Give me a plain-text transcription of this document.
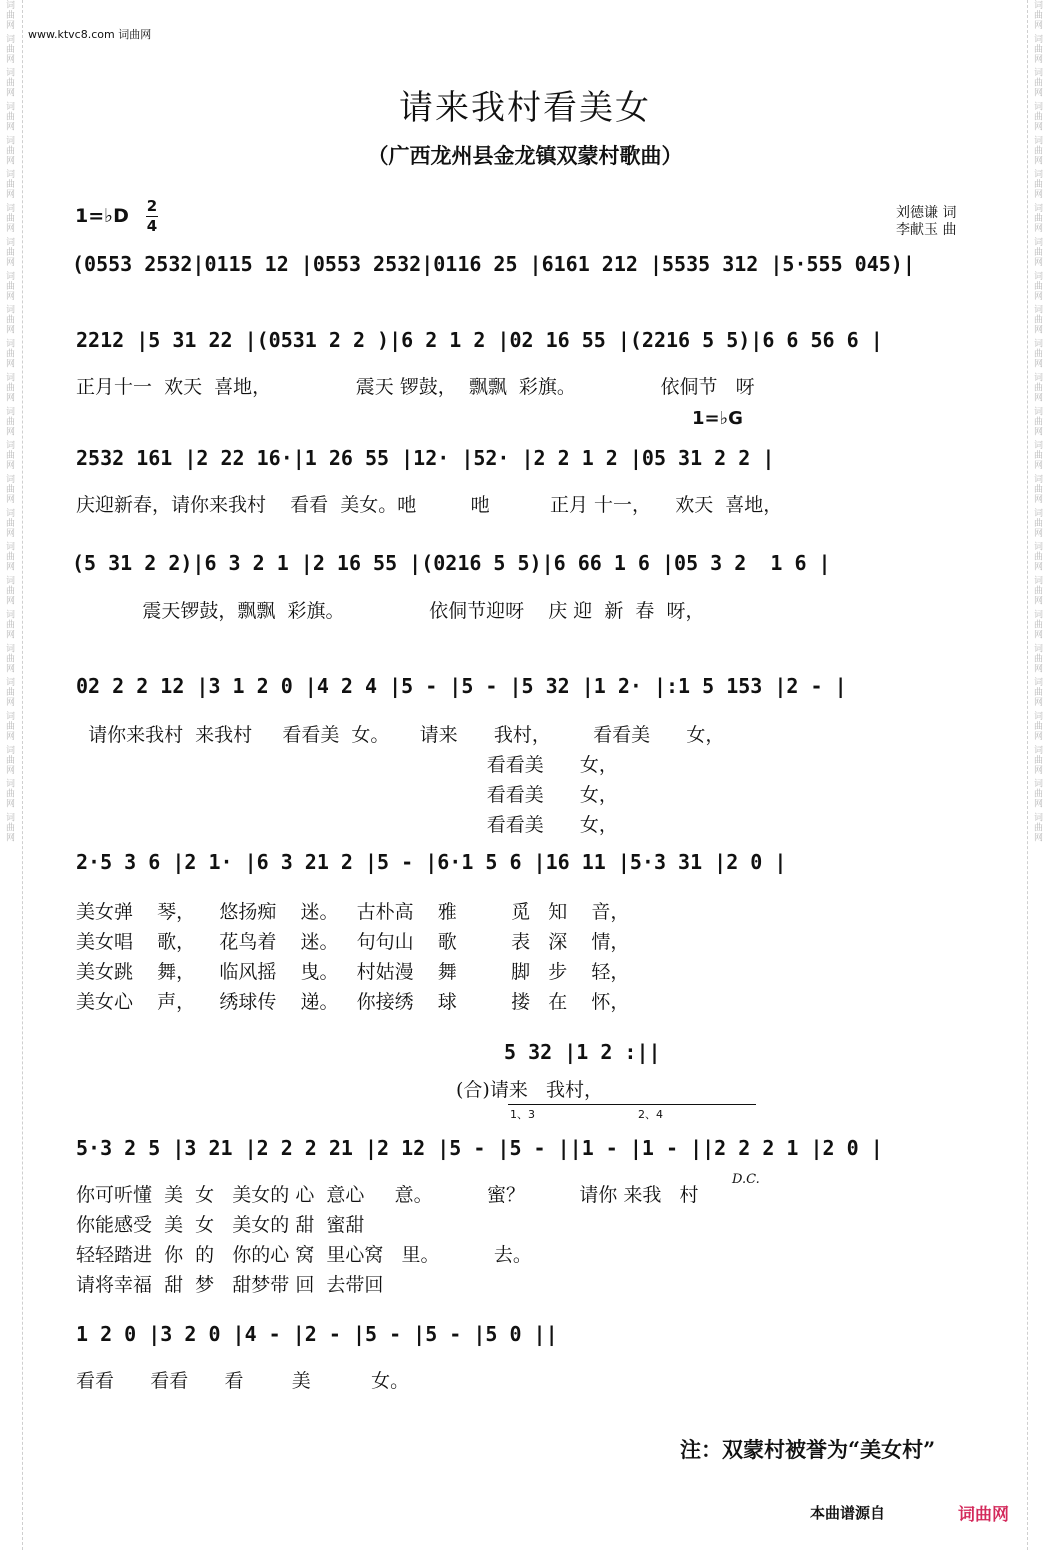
词曲网 词曲网 词曲网 词曲网 词曲网 词曲网 词曲网 词曲网 词曲网 词曲网 词曲网 词曲网 词曲网 词曲网 词曲网 词曲网 词曲网 词曲网 词曲网 词曲网 词曲网 词曲网 词曲网 词曲网 词曲网	词曲网 词曲网 词曲网 词曲网 词曲网 词曲网 词曲网 词曲网 词曲网 词曲网 词曲网 词曲网 词曲网 词曲网 词曲网 词曲网 词曲网 词曲网 词曲网 词曲网 词曲网 词曲网 词曲网 词曲网 词曲网
www.ktvc8.com 词曲网
请来我村看美女
（广西龙州县金龙镇双蒙村歌曲）
1=♭D 2
4
刘德谦 词
李献玉 曲
(0553 2532|0115 12 |0553 2532|0116 25 |6161 212 |5535 312 |5·555 045)|
2212 |5 31 22 |(0531 2 2 )|6 2 1 2 |02 16 55 |(2216 5 5)|6 6 56 6 |
正月十一  欢天  喜地，              震天 锣鼓，  飘飘  彩旗。              依侗节   呀
1=♭G
2532 161 |2 22 16·|1 26 55 |12· |52· |2 2 1 2 |05 31 2 2 |
庆迎新春，请你来我村    看看  美女。吔         吔          正月 十一，    欢天  喜地，
(5 31 2 2)|6 3 2 1 |2 16 55 |(0216 5 5)|6 66 1 6 |05 3 2  1 6 |
震天锣鼓，飘飘  彩旗。              依侗节迎呀    庆 迎  新  春  呀，
02 2 2 12 |3 1 2 0 |4 2 4 |5 - |5 - |5 32 |1 2· |:1 5 153 |2 - |
请你来我村  来我村     看看美  女。     请来      我村，       看看美      女，
看看美      女，
看看美      女，
看看美      女，
2·5 3 6 |2 1· |6 3 21 2 |5 - |6·1 5 6 |16 11 |5·3 31 |2 0 |
美女弹    琴，    悠扬痴    迷。   古朴高    雅         觅   知    音，
美女唱    歌，    花鸟着    迷。   句句山    歌         表   深    情，
美女跳    舞，    临风摇    曳。   村姑漫    舞         脚   步    轻，
美女心    声，    绣球传    递。   你接绣    球         搂   在    怀，
5 32 |1 2 :||
(合)请来   我村，
1、3	2、4
5·3 2 5 |3 21 |2 2 2 21 |2 12 |5 - |5 - ||1 - |1 - ||2 2 2 1 |2 0 |
D.C.
你可听懂  美  女   美女的 心  意心     意。         蜜？         请你 来我   村
你能感受  美  女   美女的 甜  蜜甜
轻轻踏进  你  的   你的心 窝  里心窝   里。         去。
请将幸福  甜  梦   甜梦带 回  去带回
1 2 0 |3 2 0 |4 - |2 - |5 - |5 - |5 0 ||
看看      看看      看        美          女。
注：双蒙村被誉为“美女村”
本曲谱源自	词曲网
